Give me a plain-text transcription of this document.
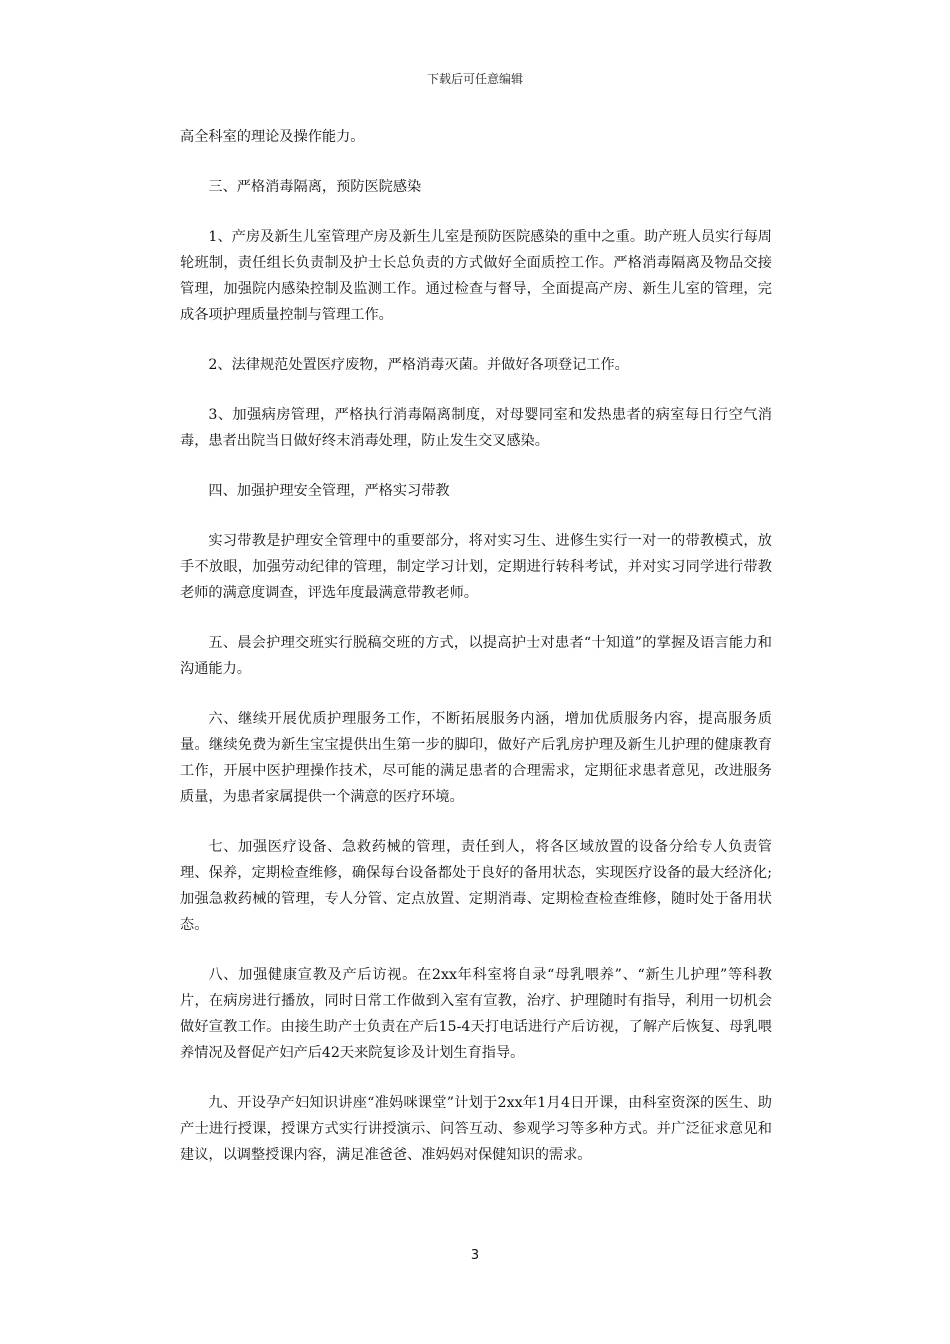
下载后可任意编辑

高全科室的理论及操作能力。

三、严格消毒隔离，预防医院感染

1、产房及新生儿室管理产房及新生儿室是预防医院感染的重中之重。助产班人员实行每周轮班制，责任组长负责制及护士长总负责的方式做好全面质控工作。严格消毒隔离及物品交接管理，加强院内感染控制及监测工作。通过检查与督导，全面提高产房、新生儿室的管理，完成各项护理质量控制与管理工作。

2、法律规范处置医疗废物，严格消毒灭菌。并做好各项登记工作。

3、加强病房管理，严格执行消毒隔离制度，对母婴同室和发热患者的病室每日行空气消毒，患者出院当日做好终末消毒处理，防止发生交叉感染。

四、加强护理安全管理，严格实习带教

实习带教是护理安全管理中的重要部分，将对实习生、进修生实行一对一的带教模式，放手不放眼，加强劳动纪律的管理，制定学习计划，定期进行转科考试，并对实习同学进行带教老师的满意度调查，评选年度最满意带教老师。

五、晨会护理交班实行脱稿交班的方式，以提高护士对患者“十知道”的掌握及语言能力和沟通能力。

六、继续开展优质护理服务工作，不断拓展服务内涵，增加优质服务内容，提高服务质量。继续免费为新生宝宝提供出生第一步的脚印，做好产后乳房护理及新生儿护理的健康教育工作，开展中医护理操作技术，尽可能的满足患者的合理需求，定期征求患者意见，改进服务质量，为患者家属提供一个满意的医疗环境。

七、加强医疗设备、急救药械的管理，责任到人，将各区域放置的设备分给专人负责管理、保养，定期检查维修，确保每台设备都处于良好的备用状态，实现医疗设备的最大经济化;加强急救药械的管理，专人分管、定点放置、定期消毒、定期检查检查维修，随时处于备用状态。

八、加强健康宣教及产后访视。在2xx年科室将自录“母乳喂养”、“新生儿护理”等科教片，在病房进行播放，同时日常工作做到入室有宣教，治疗、护理随时有指导，利用一切机会做好宣教工作。由接生助产士负责在产后15-4天打电话进行产后访视，了解产后恢复、母乳喂养情况及督促产妇产后42天来院复诊及计划生育指导。

九、开设孕产妇知识讲座“准妈咪课堂”计划于2xx年1月4日开课，由科室资深的医生、助产士进行授课，授课方式实行讲授演示、问答互动、参观学习等多种方式。并广泛征求意见和建议，以调整授课内容，满足准爸爸、准妈妈对保健知识的需求。

3
